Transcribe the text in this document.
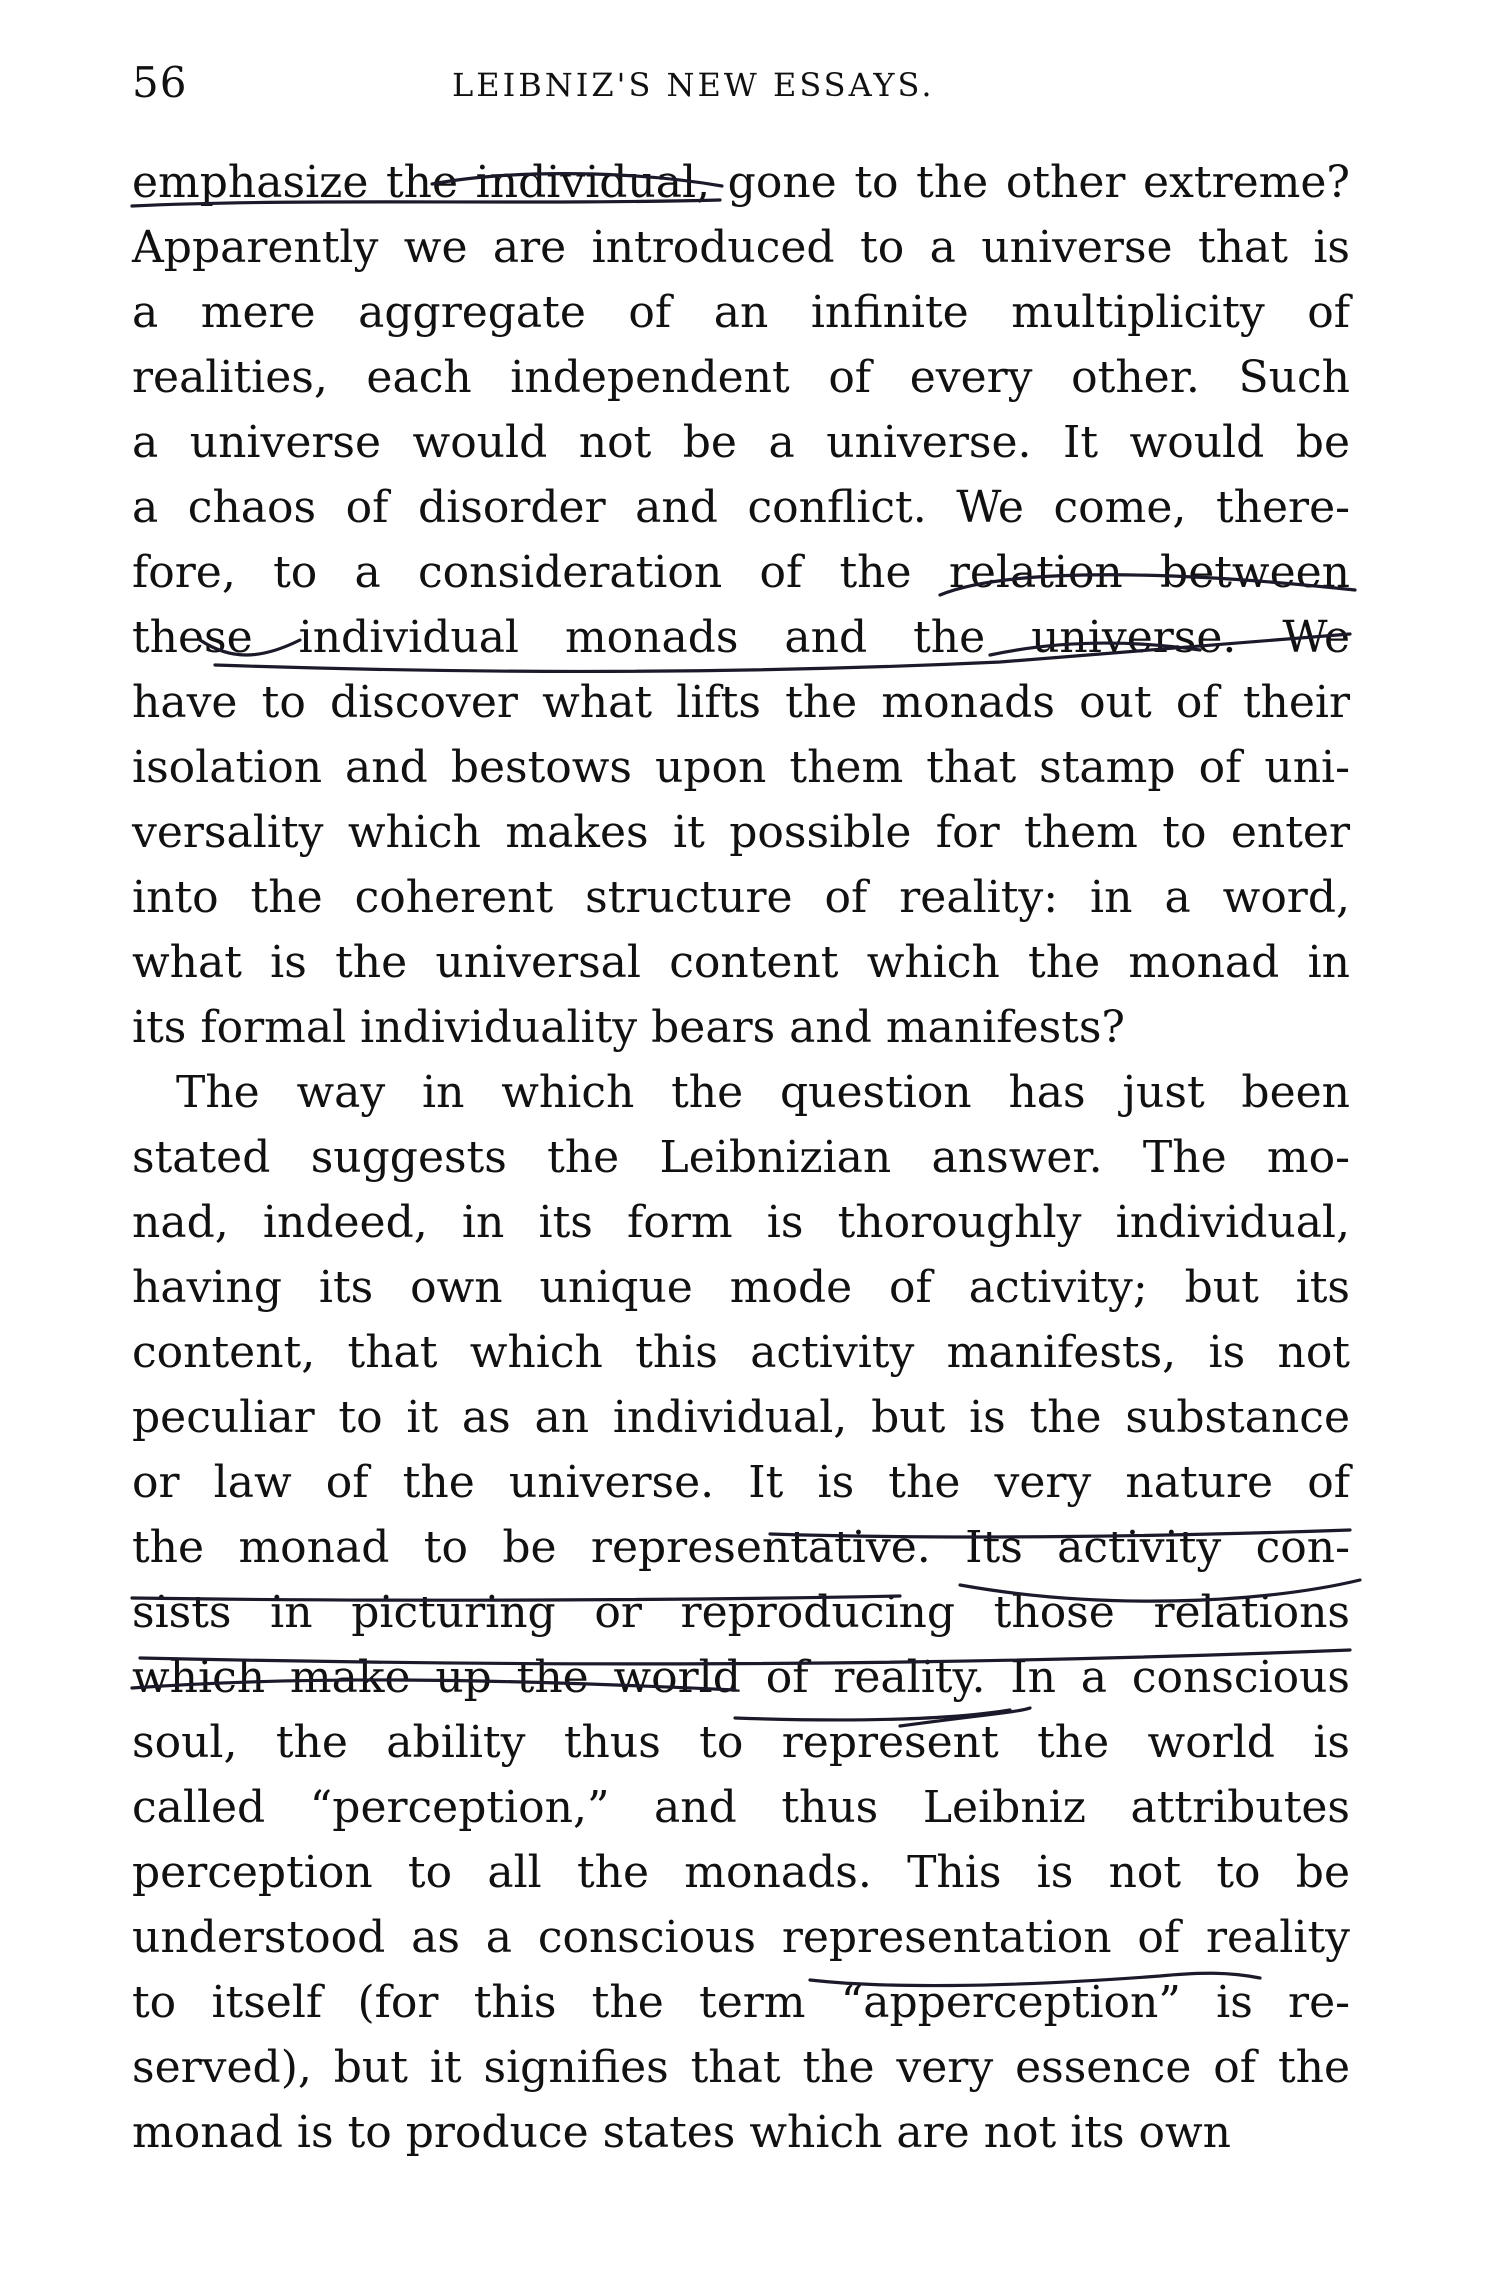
56	LEIBNIZ'S NEW ESSAYS.
emphasize the individual, gone to the other extreme?
Apparently we are introduced to a universe that is
a mere aggregate of an infinite multiplicity of
realities, each independent of every other. Such
a universe would not be a universe. It would be
a chaos of disorder and conflict. We come, there-
fore, to a consideration of the relation between
these individual monads and the universe. We
have to discover what lifts the monads out of their
isolation and bestows upon them that stamp of uni-
versality which makes it possible for them to enter
into the coherent structure of reality: in a word,
what is the universal content which the monad in
its formal individuality bears and manifests?
The way in which the question has just been
stated suggests the Leibnizian answer. The mo-
nad, indeed, in its form is thoroughly individual,
having its own unique mode of activity; but its
content, that which this activity manifests, is not
peculiar to it as an individual, but is the substance
or law of the universe. It is the very nature of
the monad to be representative. Its activity con-
sists in picturing or reproducing those relations
which make up the world of reality. In a conscious
soul, the ability thus to represent the world is
called “perception,” and thus Leibniz attributes
perception to all the monads. This is not to be
understood as a conscious representation of reality
to itself (for this the term “apperception” is re-
served), but it signifies that the very essence of the
monad is to produce states which are not its own
